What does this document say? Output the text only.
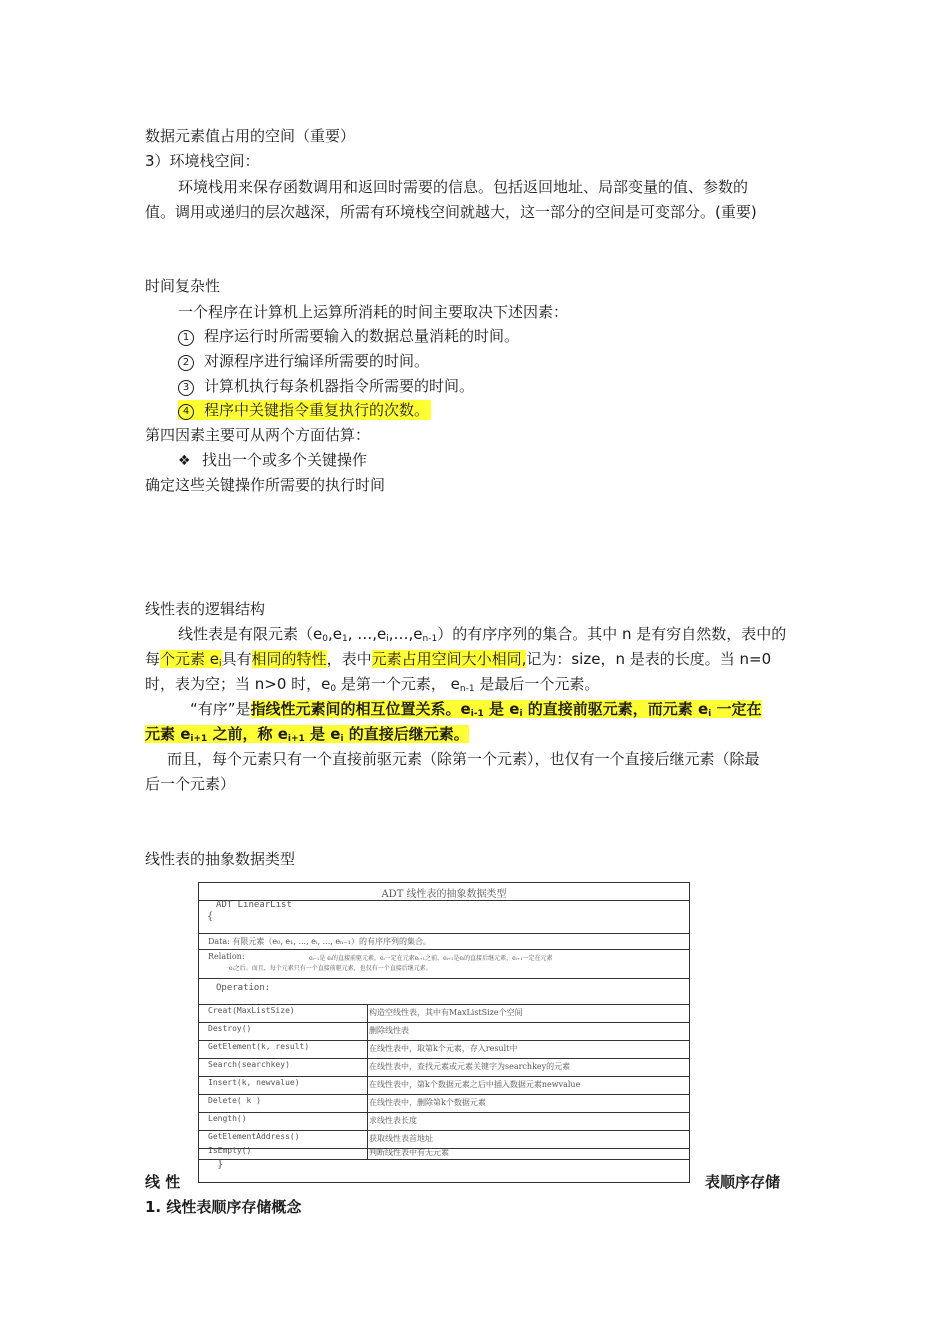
数据元素值占用的空间（重要）
3）环境栈空间：
环境栈用来保存函数调用和返回时需要的信息。包括返回地址、局部变量的值、参数的
值。调用或递归的层次越深，所需有环境栈空间就越大，这一部分的空间是可变部分。(重要)
时间复杂性
一个程序在计算机上运算所消耗的时间主要取决下述因素：
1 程序运行时所需要输入的数据总量消耗的时间。
2 对源程序进行编译所需要的时间。
3 计算机执行每条机器指令所需要的时间。
4 程序中关键指令重复执行的次数。
第四因素主要可从两个方面估算：
❖ 找出一个或多个关键操作
确定这些关键操作所需要的执行时间
线性表的逻辑结构
线性表是有限元素（$e_0,e_1$, $\dots,e_i,\dots,e_{n-1}$）的有序序列的集合。其中 n 是有穷自然数，表中的
每个元素 $e_i$具有相同的特性，表中元素占用空间大小相同,记为：size，n 是表的长度。当 n=0
时，表为空；当 n>0 时，$e_0$ 是第一个元素， $e_{n-1}$ 是最后一个元素。
“有序”是指线性元素间的相互位置关系。$e_{i-1}$ 是 $e_i$ 的直接前驱元素，而元素 $e_i$ 一定在
元素 $e_{i+1}$ 之前，称 $e_{i+1}$ 是 $e_i$ 的直接后继元素。
而且，每个元素只有一个直接前驱元素（除第一个元素），也仅有一个直接后继元素（除最
后一个元素）
线性表的抽象数据类型
ADT 线性表的抽象数据类型
ADT LinearList
{
Data: 有限元素（e₀, e₁, ..., eᵢ, ..., eₙ₋₁）的有序序列的集合。
Relation:	eᵢ₋₁是 eᵢ的直接前驱元素，eᵢ一定在元素eᵢ₊₁之前，eᵢ₊₁是eᵢ的直接后继元素，eᵢ₊₁一定在元素
eᵢ之后。而且，每个元素只有一个直接前驱元素，也仅有一个直接后继元素。
Operation:
Creat(MaxListSize)	构造空线性表，其中有MaxListSize个空间
Destroy()	删除线性表
GetElement(k, result)	在线性表中，取第k个元素，存入result中
Search(searchkey)	在线性表中，查找元素或元素关键字为searchkey的元素
Insert(k, newvalue)	在线性表中，第k个数据元素之后中插入数据元素newvalue
Delete( k )	在线性表中，删除第k个数据元素
Length()	求线性表长度
GetElementAddress()	获取线性表首地址
IsEmpty()	判断线性表中有无元素
}
线 性	表顺序存储
1. 线性表顺序存储概念
